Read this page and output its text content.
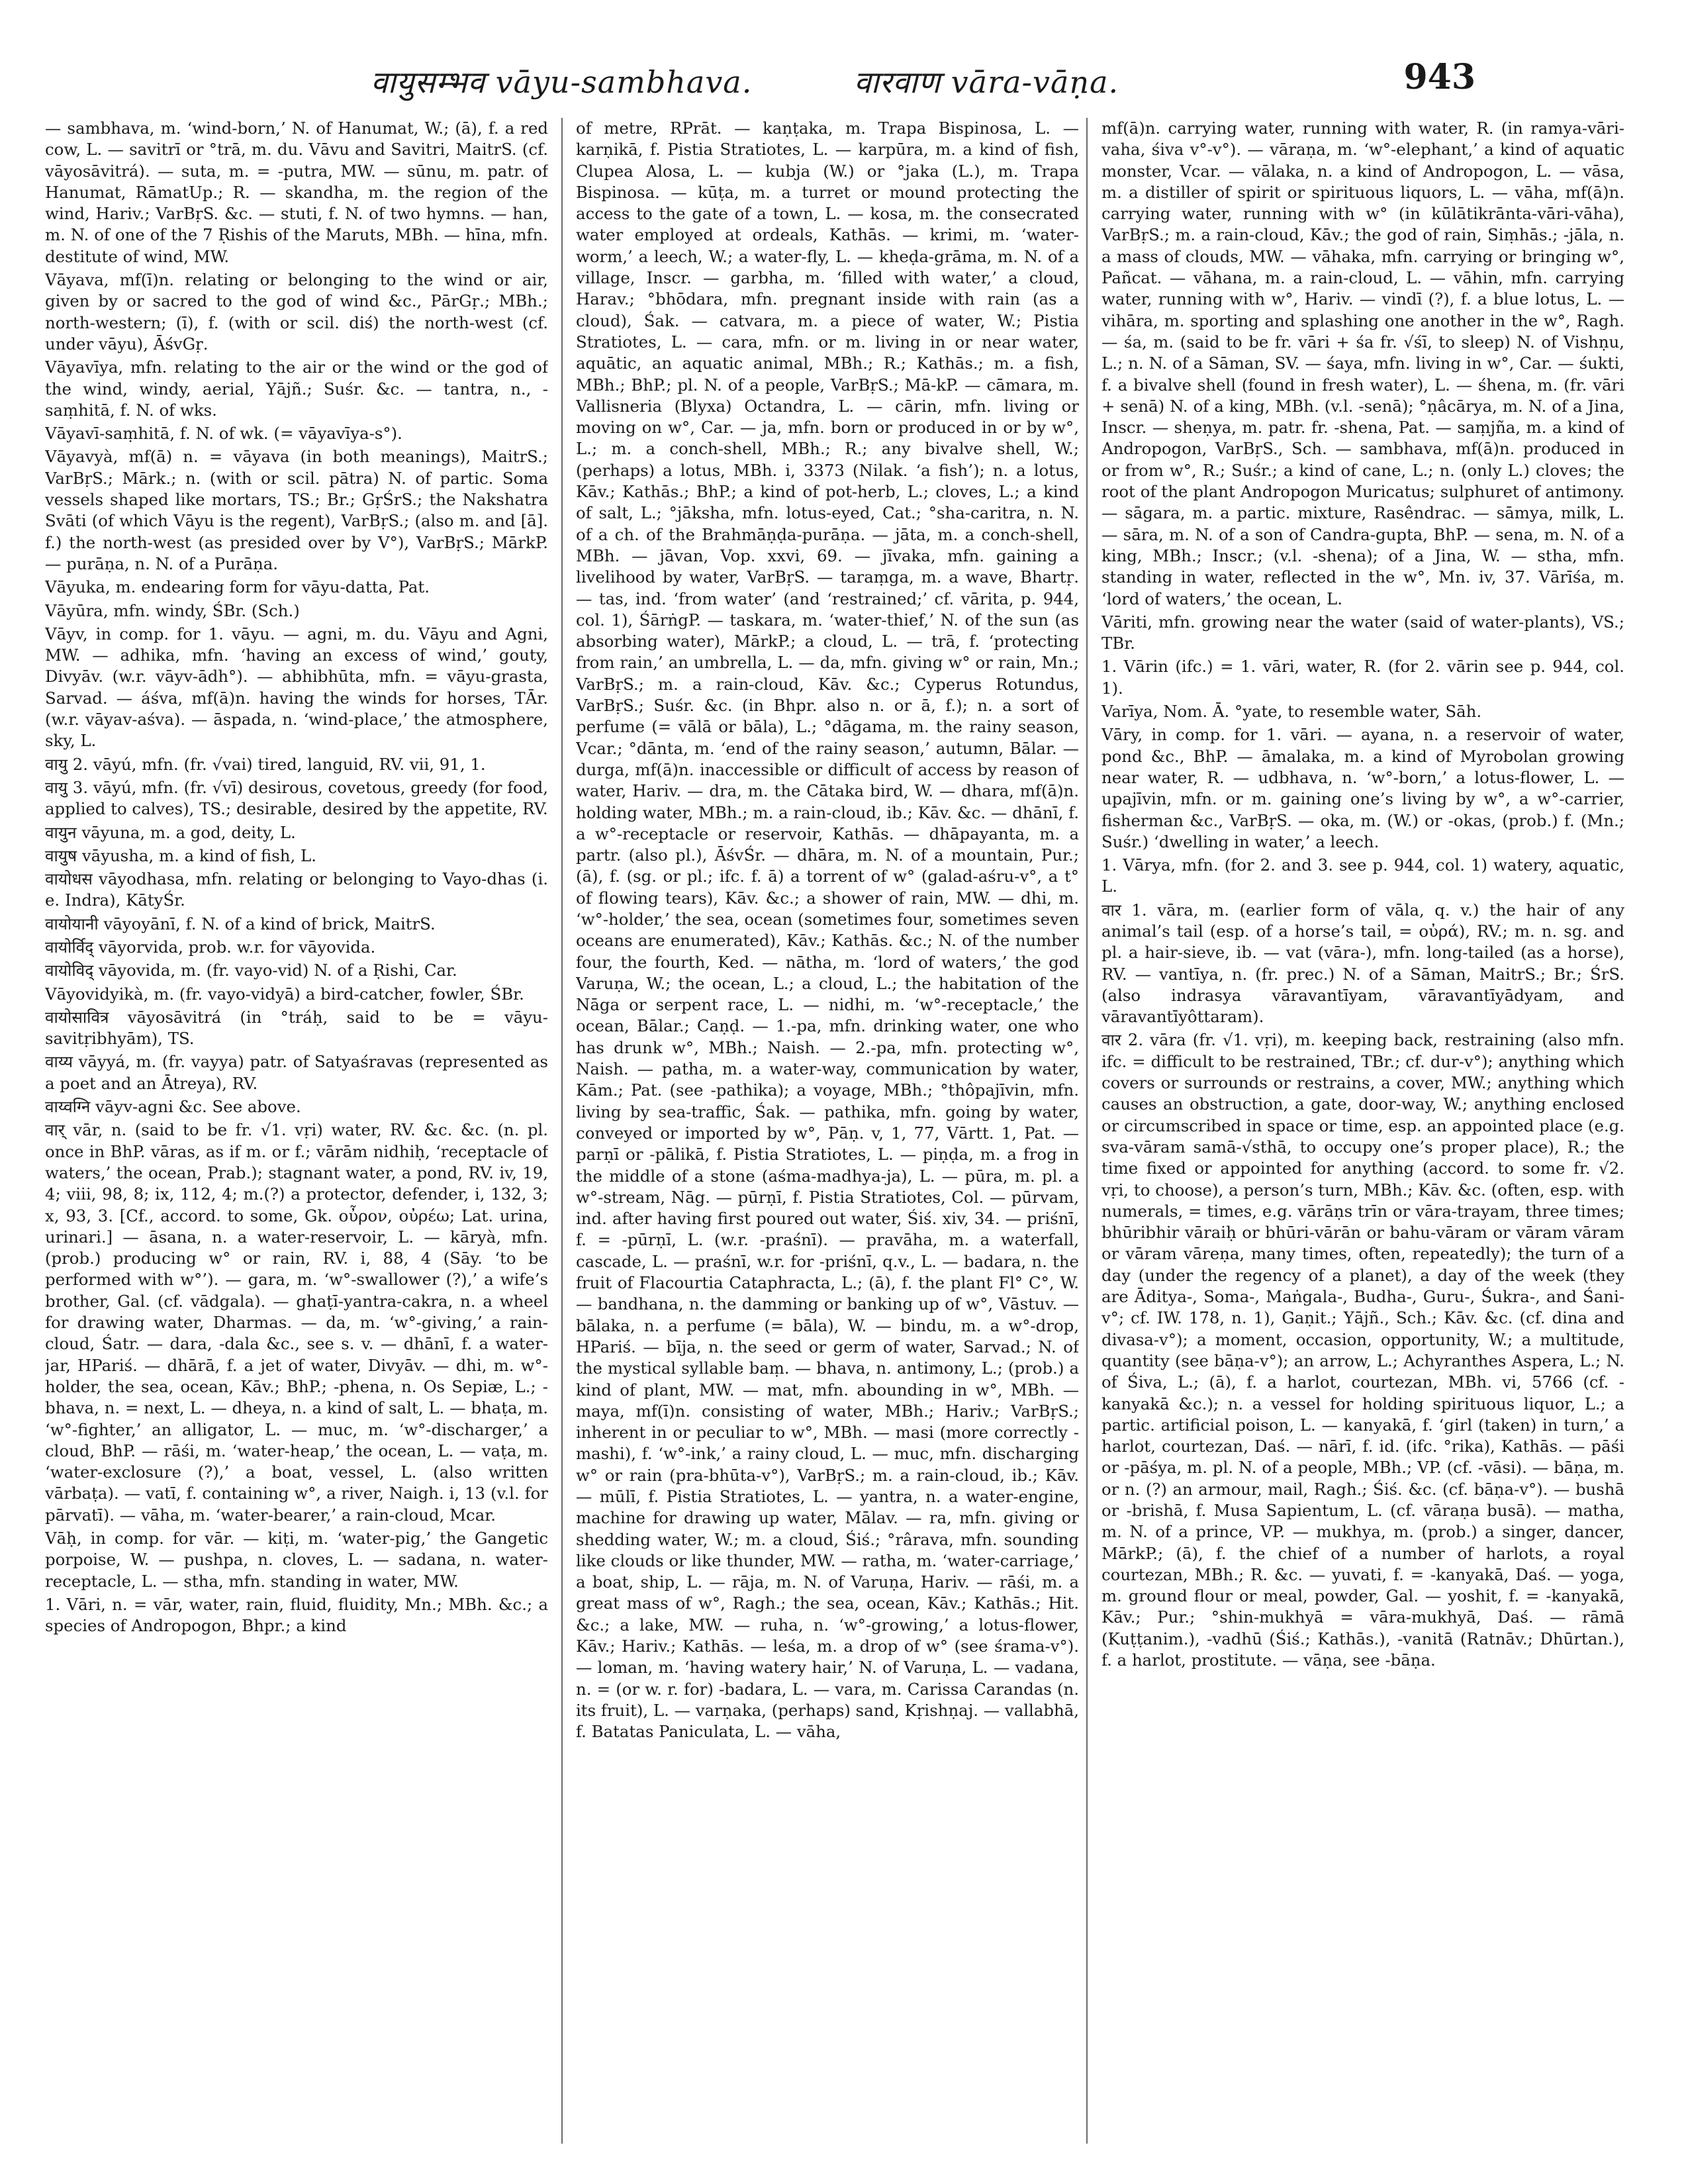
वायुसम्भव vāyu-sambhava.	वारवाण vāra-vāṇa.	943

— sambhava, m. ‘wind-born,’ N. of Hanumat, W.; (ā), f. a red cow, L. — savitrī or °trā, m. du. Vāvu and Savitri, MaitrS. (cf. vāyosāvitrá). — suta, m. = -putra, MW. — sūnu, m. patr. of Hanumat, RāmatUp.; R. — skandha, m. the region of the wind, Hariv.; VarBṛS. &c. — stuti, f. N. of two hymns. — han, m. N. of one of the 7 Ṛishis of the Maruts, MBh. — hīna, mfn. destitute of wind, MW.

Vāyava, mf(ī)n. relating or belonging to the wind or air, given by or sacred to the god of wind &c., PārGṛ.; MBh.; north-western; (ī), f. (with or scil. diś) the north-west (cf. under vāyu), ĀśvGṛ.

Vāyavīya, mfn. relating to the air or the wind or the god of the wind, windy, aerial, Yājñ.; Suśr. &c. — tantra, n., -saṃhitā, f. N. of wks.

Vāyavī-saṃhitā, f. N. of wk. (= vāyavīya-s°).

Vāyavyà, mf(ā) n. = vāyava (in both meanings), MaitrS.; VarBṛS.; Mārk.; n. (with or scil. pātra) N. of partic. Soma vessels shaped like mortars, TS.; Br.; GṛŚrS.; the Nakshatra Svāti (of which Vāyu is the regent), VarBṛS.; (also m. and [ā]. f.) the north-west (as presided over by V°), VarBṛS.; MārkP. — purāṇa, n. N. of a Purāṇa.

Vāyuka, m. endearing form for vāyu-datta, Pat.

Vāyūra, mfn. windy, ŚBr. (Sch.)

Vāyv, in comp. for 1. vāyu. — agni, m. du. Vāyu and Agni, MW. — adhika, mfn. ‘having an excess of wind,’ gouty, Divyāv. (w.r. vāyv-ādh°). — abhibhūta, mfn. = vāyu-grasta, Sarvad. — áśva, mf(ā)n. having the winds for horses, TĀr. (w.r. vāyav-aśva). — āspada, n. ‘wind-place,’ the atmosphere, sky, L.

वायु 2. vāyú, mfn. (fr. √vai) tired, languid, RV. vii, 91, 1.

वायु 3. vāyú, mfn. (fr. √vī) desirous, covetous, greedy (for food, applied to calves), TS.; desirable, desired by the appetite, RV.

वायुन vāyuna, m. a god, deity, L.

वायुष vāyusha, m. a kind of fish, L.

वायोधस vāyodhasa, mfn. relating or belonging to Vayo-dhas (i. e. Indra), KātyŚr.

वायोयानी vāyoyānī, f. N. of a kind of brick, MaitrS.

वायोर्विद् vāyorvida, prob. w.r. for vāyovida.

वायोविद् vāyovida, m. (fr. vayo-vid) N. of a Ṛishi, Car.

Vāyovidyikà, m. (fr. vayo-vidyā) a bird-catcher, fowler, ŚBr.

वायोसावित्र vāyosāvitrá (in °tráḥ, said to be = vāyu-savitṛibhyām), TS.

वाय्य vāyyá, m. (fr. vayya) patr. of Satyaśravas (represented as a poet and an Ātreya), RV.

वाय्वग्नि vāyv-agni &c. See above.

वार् vār, n. (said to be fr. √1. vṛi) water, RV. &c. &c. (n. pl. once in BhP. vāras, as if m. or f.; vārām nidhiḥ, ‘receptacle of waters,’ the ocean, Prab.); stagnant water, a pond, RV. iv, 19, 4; viii, 98, 8; ix, 112, 4; m.(?) a protector, defender, i, 132, 3; x, 93, 3. [Cf., accord. to some, Gk. οὖρον, οὐρέω; Lat. urina, urinari.] — āsana, n. a water-reservoir, L. — kāryà, mfn. (prob.) producing w° or rain, RV. i, 88, 4 (Sāy. ‘to be performed with w°’). — gara, m. ‘w°-swallower (?),’ a wife’s brother, Gal. (cf. vādgala). — ghaṭī-yantra-cakra, n. a wheel for drawing water, Dharmas. — da, m. ‘w°-giving,’ a rain-cloud, Śatr. — dara, -dala &c., see s. v. — dhānī, f. a water-jar, HPariś. — dhārā, f. a jet of water, Divyāv. — dhi, m. w°-holder, the sea, ocean, Kāv.; BhP.; -phena, n. Os Sepiæ, L.; -bhava, n. = next, L. — dheya, n. a kind of salt, L. — bhaṭa, m. ‘w°-fighter,’ an alligator, L. — muc, m. ‘w°-discharger,’ a cloud, BhP. — rāśi, m. ‘water-heap,’ the ocean, L. — vaṭa, m. ‘water-exclosure (?),’ a boat, vessel, L. (also written vārbaṭa). — vatī, f. containing w°, a river, Naigh. i, 13 (v.l. for pārvatī). — vāha, m. ‘water-bearer,’ a rain-cloud, Mcar.

Vāḥ, in comp. for vār. — kiṭi, m. ‘water-pig,’ the Gangetic porpoise, W. — pushpa, n. cloves, L. — sadana, n. water-receptacle, L. — stha, mfn. standing in water, MW.

1. Vāri, n. = vār, water, rain, fluid, fluidity, Mn.; MBh. &c.; a species of Andropogon, Bhpr.; a kind

of metre, RPrāt. — kaṇṭaka, m. Trapa Bispinosa, L. — karṇikā, f. Pistia Stratiotes, L. — karpūra, m. a kind of fish, Clupea Alosa, L. — kubja (W.) or °jaka (L.), m. Trapa Bispinosa. — kūṭa, m. a turret or mound protecting the access to the gate of a town, L. — kosa, m. the consecrated water employed at ordeals, Kathās. — krimi, m. ‘water-worm,’ a leech, W.; a water-fly, L. — kheḍa-grāma, m. N. of a village, Inscr. — garbha, m. ‘filled with water,’ a cloud, Harav.; °bhōdara, mfn. pregnant inside with rain (as a cloud), Śak. — catvara, m. a piece of water, W.; Pistia Stratiotes, L. — cara, mfn. or m. living in or near water, aquātic, an aquatic animal, MBh.; R.; Kathās.; m. a fish, MBh.; BhP.; pl. N. of a people, VarBṛS.; Mā-kP. — cāmara, m. Vallisneria (Blyxa) Octandra, L. — cārin, mfn. living or moving on w°, Car. — ja, mfn. born or produced in or by w°, L.; m. a conch-shell, MBh.; R.; any bivalve shell, W.; (perhaps) a lotus, MBh. i, 3373 (Nilak. ‘a fish’); n. a lotus, Kāv.; Kathās.; BhP.; a kind of pot-herb, L.; cloves, L.; a kind of salt, L.; °jāksha, mfn. lotus-eyed, Cat.; °sha-caritra, n. N. of a ch. of the Brahmāṇḍa-purāṇa. — jāta, m. a conch-shell, MBh. — jāvan, Vop. xxvi, 69. — jīvaka, mfn. gaining a livelihood by water, VarBṛS. — taraṃga, m. a wave, Bhartṛ. — tas, ind. ‘from water’ (and ‘restrained;’ cf. vārita, p. 944, col. 1), ŚārṅgP. — taskara, m. ‘water-thief,’ N. of the sun (as absorbing water), MārkP.; a cloud, L. — trā, f. ‘protecting from rain,’ an umbrella, L. — da, mfn. giving w° or rain, Mn.; VarBṛS.; m. a rain-cloud, Kāv. &c.; Cyperus Rotundus, VarBṛS.; Suśr. &c. (in Bhpr. also n. or ā, f.); n. a sort of perfume (= vālā or bāla), L.; °dāgama, m. the rainy season, Vcar.; °dānta, m. ‘end of the rainy season,’ autumn, Bālar. — durga, mf(ā)n. inaccessible or difficult of access by reason of water, Hariv. — dra, m. the Cātaka bird, W. — dhara, mf(ā)n. holding water, MBh.; m. a rain-cloud, ib.; Kāv. &c. — dhānī, f. a w°-receptacle or reservoir, Kathās. — dhāpayanta, m. a partr. (also pl.), ĀśvŚr. — dhāra, m. N. of a mountain, Pur.; (ā), f. (sg. or pl.; ifc. f. ā) a torrent of w° (galad-aśru-v°, a t° of flowing tears), Kāv. &c.; a shower of rain, MW. — dhi, m. ‘w°-holder,’ the sea, ocean (sometimes four, sometimes seven oceans are enumerated), Kāv.; Kathās. &c.; N. of the number four, the fourth, Ked. — nātha, m. ‘lord of waters,’ the god Varuṇa, W.; the ocean, L.; a cloud, L.; the habitation of the Nāga or serpent race, L. — nidhi, m. ‘w°-receptacle,’ the ocean, Bālar.; Caṇḍ. — 1.-pa, mfn. drinking water, one who has drunk w°, MBh.; Naish. — 2.-pa, mfn. protecting w°, Naish. — patha, m. a water-way, communication by water, Kām.; Pat. (see -pathika); a voyage, MBh.; °thôpajīvin, mfn. living by sea-traffic, Śak. — pathika, mfn. going by water, conveyed or imported by w°, Pāṇ. v, 1, 77, Vārtt. 1, Pat. — parṇī or -pālikā, f. Pistia Stratiotes, L. — piṇḍa, m. a frog in the middle of a stone (aśma-madhya-ja), L. — pūra, m. pl. a w°-stream, Nāg. — pūrṇī, f. Pistia Stratiotes, Col. — pūrvam, ind. after having first poured out water, Śiś. xiv, 34. — priśnī, f. = -pūrṇī, L. (w.r. -praśnī). — pravāha, m. a waterfall, cascade, L. — praśnī, w.r. for -priśnī, q.v., L. — badara, n. the fruit of Flacourtia Cataphracta, L.; (ā), f. the plant Fl° C°, W. — bandhana, n. the damming or banking up of w°, Vāstuv. — bālaka, n. a perfume (= bāla), W. — bindu, m. a w°-drop, HPariś. — bīja, n. the seed or germ of water, Sarvad.; N. of the mystical syllable baṃ. — bhava, n. antimony, L.; (prob.) a kind of plant, MW. — mat, mfn. abounding in w°, MBh. — maya, mf(ī)n. consisting of water, MBh.; Hariv.; VarBṛS.; inherent in or peculiar to w°, MBh. — masi (more correctly -mashi), f. ‘w°-ink,’ a rainy cloud, L. — muc, mfn. discharging w° or rain (pra-bhūta-v°), VarBṛS.; m. a rain-cloud, ib.; Kāv. — mūlī, f. Pistia Stratiotes, L. — yantra, n. a water-engine, machine for drawing up water, Mālav. — ra, mfn. giving or shedding water, W.; m. a cloud, Śiś.; °rârava, mfn. sounding like clouds or like thunder, MW. — ratha, m. ‘water-carriage,’ a boat, ship, L. — rāja, m. N. of Varuṇa, Hariv. — rāśi, m. a great mass of w°, Ragh.; the sea, ocean, Kāv.; Kathās.; Hit. &c.; a lake, MW. — ruha, n. ‘w°-growing,’ a lotus-flower, Kāv.; Hariv.; Kathās. — leśa, m. a drop of w° (see śrama-v°). — loman, m. ‘having watery hair,’ N. of Varuṇa, L. — vadana, n. = (or w. r. for) -badara, L. — vara, m. Carissa Carandas (n. its fruit), L. — varṇaka, (perhaps) sand, Kṛishṇaj. — vallabhā, f. Batatas Paniculata, L. — vāha,

mf(ā)n. carrying water, running with water, R. (in ramya-vāri-vaha, śiva v°-v°). — vāraṇa, m. ‘w°-elephant,’ a kind of aquatic monster, Vcar. — vālaka, n. a kind of Andropogon, L. — vāsa, m. a distiller of spirit or spirituous liquors, L. — vāha, mf(ā)n. carrying water, running with w° (in kūlātikrānta-vāri-vāha), VarBṛS.; m. a rain-cloud, Kāv.; the god of rain, Siṃhās.; -jāla, n. a mass of clouds, MW. — vāhaka, mfn. carrying or bringing w°, Pañcat. — vāhana, m. a rain-cloud, L. — vāhin, mfn. carrying water, running with w°, Hariv. — vindī (?), f. a blue lotus, L. — vihāra, m. sporting and splashing one another in the w°, Ragh. — śa, m. (said to be fr. vāri + śa fr. √śī, to sleep) N. of Vishṇu, L.; n. N. of a Sāman, SV. — śaya, mfn. living in w°, Car. — śukti, f. a bivalve shell (found in fresh water), L. — śhena, m. (fr. vāri + senā) N. of a king, MBh. (v.l. -senā); °ṇâcārya, m. N. of a Jina, Inscr. — sheṇya, m. patr. fr. -shena, Pat. — saṃjña, m. a kind of Andropogon, VarBṛS., Sch. — sambhava, mf(ā)n. produced in or from w°, R.; Suśr.; a kind of cane, L.; n. (only L.) cloves; the root of the plant Andropogon Muricatus; sulphuret of antimony. — sāgara, m. a partic. mixture, Rasêndrac. — sāmya, milk, L. — sāra, m. N. of a son of Candra-gupta, BhP. — sena, m. N. of a king, MBh.; Inscr.; (v.l. -shena); of a Jina, W. — stha, mfn. standing in water, reflected in the w°, Mn. iv, 37. Vārīśa, m. ‘lord of waters,’ the ocean, L.

Vāriti, mfn. growing near the water (said of water-plants), VS.; TBr.

1. Vārin (ifc.) = 1. vāri, water, R. (for 2. vārin see p. 944, col. 1).

Varīya, Nom. Ā. °yate, to resemble water, Sāh.

Vāry, in comp. for 1. vāri. — ayana, n. a reservoir of water, pond &c., BhP. — āmalaka, m. a kind of Myrobolan growing near water, R. — udbhava, n. ‘w°-born,’ a lotus-flower, L. — upajīvin, mfn. or m. gaining one’s living by w°, a w°-carrier, fisherman &c., VarBṛS. — oka, m. (W.) or -okas, (prob.) f. (Mn.; Suśr.) ‘dwelling in water,’ a leech.

1. Vārya, mfn. (for 2. and 3. see p. 944, col. 1) watery, aquatic, L.

वार 1. vāra, m. (earlier form of vāla, q. v.) the hair of any animal’s tail (esp. of a horse’s tail, = οὐρά), RV.; m. n. sg. and pl. a hair-sieve, ib. — vat (vāra-), mfn. long-tailed (as a horse), RV. — vantīya, n. (fr. prec.) N. of a Sāman, MaitrS.; Br.; ŚrS. (also indrasya vāravantīyam, vāravantīyādyam, and vāravantīyôttaram).

वार 2. vāra (fr. √1. vṛi), m. keeping back, restraining (also mfn. ifc. = difficult to be restrained, TBr.; cf. dur-v°); anything which covers or surrounds or restrains, a cover, MW.; anything which causes an obstruction, a gate, door-way, W.; anything enclosed or circumscribed in space or time, esp. an appointed place (e.g. sva-vāram samā-√sthā, to occupy one’s proper place), R.; the time fixed or appointed for anything (accord. to some fr. √2. vṛi, to choose), a person’s turn, MBh.; Kāv. &c. (often, esp. with numerals, = times, e.g. vārāṇs trīn or vāra-trayam, three times; bhūribhir vāraiḥ or bhūri-vārān or bahu-vāram or vāram vāram or vāram vāreṇa, many times, often, repeatedly); the turn of a day (under the regency of a planet), a day of the week (they are Āditya-, Soma-, Maṅgala-, Budha-, Guru-, Śukra-, and Śani-v°; cf. IW. 178, n. 1), Gaṇit.; Yājñ., Sch.; Kāv. &c. (cf. dina and divasa-v°); a moment, occasion, opportunity, W.; a multitude, quantity (see bāṇa-v°); an arrow, L.; Achyranthes Aspera, L.; N. of Śiva, L.; (ā), f. a harlot, courtezan, MBh. vi, 5766 (cf. -kanyakā &c.); n. a vessel for holding spirituous liquor, L.; a partic. artificial poison, L. — kanyakā, f. ‘girl (taken) in turn,’ a harlot, courtezan, Daś. — nārī, f. id. (ifc. °rika), Kathās. — pāśi or -pāśya, m. pl. N. of a people, MBh.; VP. (cf. -vāsi). — bāṇa, m. or n. (?) an armour, mail, Ragh.; Śiś. &c. (cf. bāṇa-v°). — bushā or -brishā, f. Musa Sapientum, L. (cf. vāraṇa busā). — matha, m. N. of a prince, VP. — mukhya, m. (prob.) a singer, dancer, MārkP.; (ā), f. the chief of a number of harlots, a royal courtezan, MBh.; R. &c. — yuvati, f. = -kanyakā, Daś. — yoga, m. ground flour or meal, powder, Gal. — yoshit, f. = -kanyakā, Kāv.; Pur.; °shin-mukhyā = vāra-mukhyā, Daś. — rāmā (Kuṭṭanim.), -vadhū (Śiś.; Kathās.), -vanitā (Ratnāv.; Dhūrtan.), f. a harlot, prostitute. — vāṇa, see -bāṇa.
